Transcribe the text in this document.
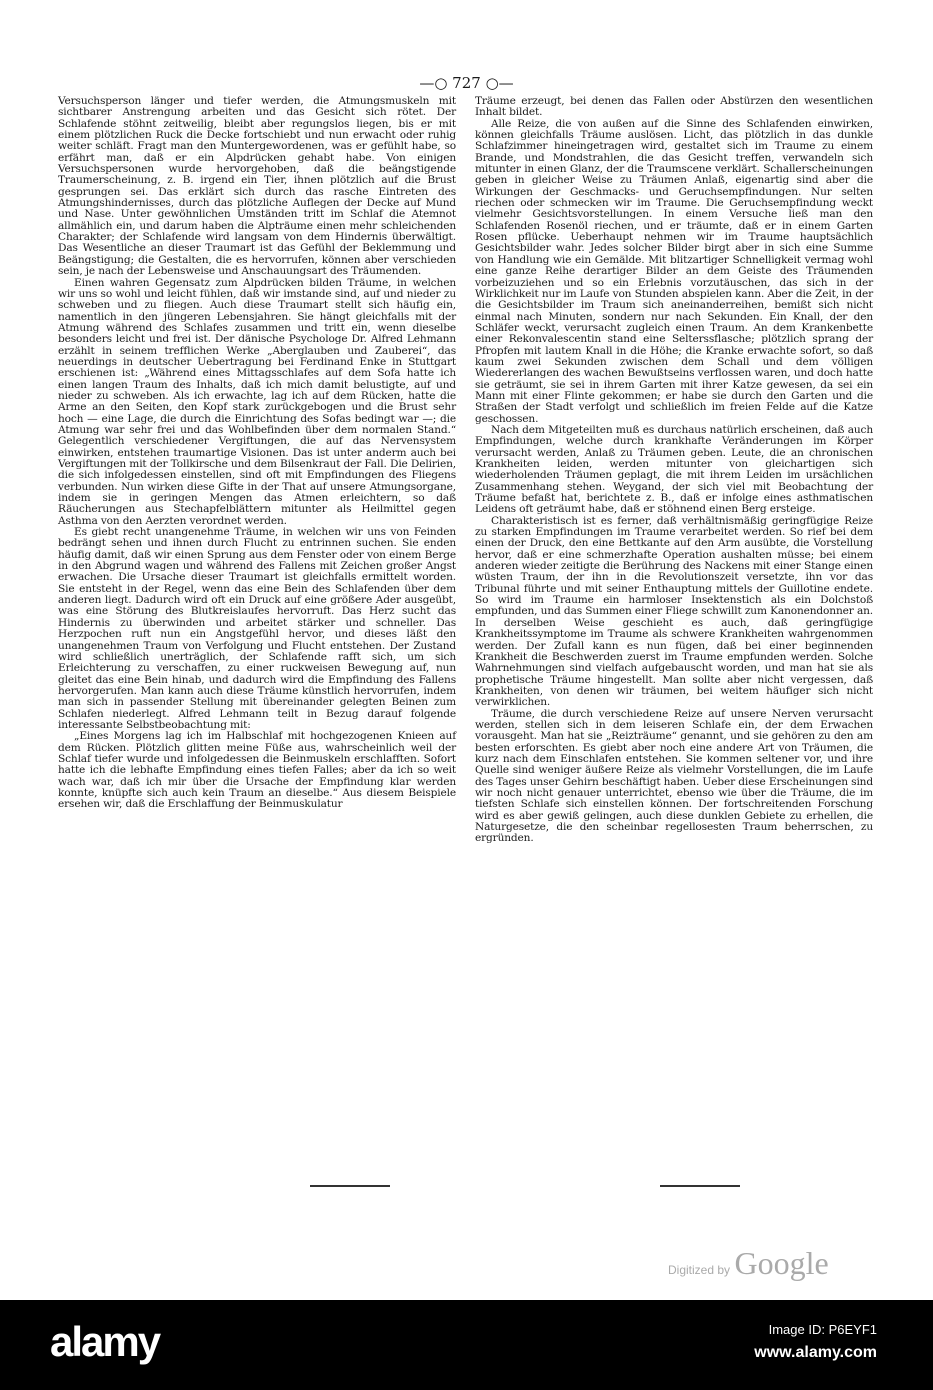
—○ 727 ○—

Versuchsperson länger und tiefer werden, die Atmungsmuskeln mit sichtbarer Anstrengung arbeiten und das Gesicht sich rötet. Der Schlafende stöhnt zeitweilig, bleibt aber regungslos liegen, bis er mit einem plötzlichen Ruck die Decke fortschiebt und nun erwacht oder ruhig weiter schläft. Fragt man den Muntergewordenen, was er gefühlt habe, so erfährt man, daß er ein Alpdrücken gehabt habe. Von einigen Versuchspersonen wurde hervorgehoben, daß die beängstigende Traumerscheinung, z. B. irgend ein Tier, ihnen plötzlich auf die Brust gesprungen sei. Das erklärt sich durch das rasche Eintreten des Atmungshindernisses, durch das plötzliche Auflegen der Decke auf Mund und Nase. Unter gewöhnlichen Umständen tritt im Schlaf die Atemnot allmählich ein, und darum haben die Alpträume einen mehr schleichenden Charakter; der Schlafende wird langsam von dem Hindernis überwältigt. Das Wesentliche an dieser Traumart ist das Gefühl der Beklemmung und Beängstigung; die Gestalten, die es hervorrufen, können aber verschieden sein, je nach der Lebensweise und Anschauungsart des Träumenden.

Einen wahren Gegensatz zum Alpdrücken bilden Träume, in welchen wir uns so wohl und leicht fühlen, daß wir imstande sind, auf und nieder zu schweben und zu fliegen. Auch diese Traumart stellt sich häufig ein, namentlich in den jüngeren Lebensjahren. Sie hängt gleichfalls mit der Atmung während des Schlafes zusammen und tritt ein, wenn dieselbe besonders leicht und frei ist. Der dänische Psychologe Dr. Alfred Lehmann erzählt in seinem trefflichen Werke „Aberglauben und Zauberei“, das neuerdings in deutscher Uebertragung bei Ferdinand Enke in Stuttgart erschienen ist: „Während eines Mittagsschlafes auf dem Sofa hatte ich einen langen Traum des Inhalts, daß ich mich damit belustigte, auf und nieder zu schweben. Als ich erwachte, lag ich auf dem Rücken, hatte die Arme an den Seiten, den Kopf stark zurückgebogen und die Brust sehr hoch — eine Lage, die durch die Einrichtung des Sofas bedingt war —; die Atmung war sehr frei und das Wohlbefinden über dem normalen Stand.“ Gelegentlich verschiedener Vergiftungen, die auf das Nervensystem einwirken, entstehen traumartige Visionen. Das ist unter anderm auch bei Vergiftungen mit der Tollkirsche und dem Bilsenkraut der Fall. Die Delirien, die sich infolgedessen einstellen, sind oft mit Empfindungen des Fliegens verbunden. Nun wirken diese Gifte in der That auf unsere Atmungsorgane, indem sie in geringen Mengen das Atmen erleichtern, so daß Räucherungen aus Stechapfelblättern mitunter als Heilmittel gegen Asthma von den Aerzten verordnet werden.

Es giebt recht unangenehme Träume, in welchen wir uns von Feinden bedrängt sehen und ihnen durch Flucht zu entrinnen suchen. Sie enden häufig damit, daß wir einen Sprung aus dem Fenster oder von einem Berge in den Abgrund wagen und während des Fallens mit Zeichen großer Angst erwachen. Die Ursache dieser Traumart ist gleichfalls ermittelt worden. Sie entsteht in der Regel, wenn das eine Bein des Schlafenden über dem anderen liegt. Dadurch wird oft ein Druck auf eine größere Ader ausgeübt, was eine Störung des Blutkreislaufes hervorruft. Das Herz sucht das Hindernis zu überwinden und arbeitet stärker und schneller. Das Herzpochen ruft nun ein Angstgefühl hervor, und dieses läßt den unangenehmen Traum von Verfolgung und Flucht entstehen. Der Zustand wird schließlich unerträglich, der Schlafende rafft sich, um sich Erleichterung zu verschaffen, zu einer ruckweisen Bewegung auf, nun gleitet das eine Bein hinab, und dadurch wird die Empfindung des Fallens hervorgerufen. Man kann auch diese Träume künstlich hervorrufen, indem man sich in passender Stellung mit übereinander gelegten Beinen zum Schlafen niederlegt. Alfred Lehmann teilt in Bezug darauf folgende interessante Selbstbeobachtung mit:

„Eines Morgens lag ich im Halbschlaf mit hochgezogenen Knieen auf dem Rücken. Plötzlich glitten meine Füße aus, wahrscheinlich weil der Schlaf tiefer wurde und infolgedessen die Beinmuskeln erschlafften. Sofort hatte ich die lebhafte Empfindung eines tiefen Falles; aber da ich so weit wach war, daß ich mir über die Ursache der Empfindung klar werden konnte, knüpfte sich auch kein Traum an dieselbe.“ Aus diesem Beispiele ersehen wir, daß die Erschlaffung der Beinmuskulatur

Träume erzeugt, bei denen das Fallen oder Abstürzen den wesentlichen Inhalt bildet.

Alle Reize, die von außen auf die Sinne des Schlafenden einwirken, können gleichfalls Träume auslösen. Licht, das plötzlich in das dunkle Schlafzimmer hineingetragen wird, gestaltet sich im Traume zu einem Brande, und Mondstrahlen, die das Gesicht treffen, verwandeln sich mitunter in einen Glanz, der die Traumscene verklärt. Schallerscheinungen geben in gleicher Weise zu Träumen Anlaß, eigenartig sind aber die Wirkungen der Geschmacks- und Geruchsempfindungen. Nur selten riechen oder schmecken wir im Traume. Die Geruchsempfindung weckt vielmehr Gesichtsvorstellungen. In einem Versuche ließ man den Schlafenden Rosenöl riechen, und er träumte, daß er in einem Garten Rosen pflücke. Ueberhaupt nehmen wir im Traume hauptsächlich Gesichtsbilder wahr. Jedes solcher Bilder birgt aber in sich eine Summe von Handlung wie ein Gemälde. Mit blitzartiger Schnelligkeit vermag wohl eine ganze Reihe derartiger Bilder an dem Geiste des Träumenden vorbeizuziehen und so ein Erlebnis vorzutäuschen, das sich in der Wirklichkeit nur im Laufe von Stunden abspielen kann. Aber die Zeit, in der die Gesichtsbilder im Traum sich aneinanderreihen, bemißt sich nicht einmal nach Minuten, sondern nur nach Sekunden. Ein Knall, der den Schläfer weckt, verursacht zugleich einen Traum. An dem Krankenbette einer Rekonvalescentin stand eine Selterssflasche; plötzlich sprang der Pfropfen mit lautem Knall in die Höhe; die Kranke erwachte sofort, so daß kaum zwei Sekunden zwischen dem Schall und dem völligen Wiedererlangen des wachen Bewußtseins verflossen waren, und doch hatte sie geträumt, sie sei in ihrem Garten mit ihrer Katze gewesen, da sei ein Mann mit einer Flinte gekommen; er habe sie durch den Garten und die Straßen der Stadt verfolgt und schließlich im freien Felde auf die Katze geschossen.

Nach dem Mitgeteilten muß es durchaus natürlich erscheinen, daß auch Empfindungen, welche durch krankhafte Veränderungen im Körper verursacht werden, Anlaß zu Träumen geben. Leute, die an chronischen Krankheiten leiden, werden mitunter von gleichartigen sich wiederholenden Träumen geplagt, die mit ihrem Leiden im ursächlichen Zusammenhang stehen. Weygand, der sich viel mit Beobachtung der Träume befaßt hat, berichtete z. B., daß er infolge eines asthmatischen Leidens oft geträumt habe, daß er stöhnend einen Berg ersteige.

Charakteristisch ist es ferner, daß verhältnismäßig geringfügige Reize zu starken Empfindungen im Traume verarbeitet werden. So rief bei dem einen der Druck, den eine Bettkante auf den Arm ausübte, die Vorstellung hervor, daß er eine schmerzhafte Operation aushalten müsse; bei einem anderen wieder zeitigte die Berührung des Nackens mit einer Stange einen wüsten Traum, der ihn in die Revolutionszeit versetzte, ihn vor das Tribunal führte und mit seiner Enthauptung mittels der Guillotine endete. So wird im Traume ein harmloser Insektenstich als ein Dolchstoß empfunden, und das Summen einer Fliege schwillt zum Kanonendonner an. In derselben Weise geschieht es auch, daß geringfügige Krankheitssymptome im Traume als schwere Krankheiten wahrgenommen werden. Der Zufall kann es nun fügen, daß bei einer beginnenden Krankheit die Beschwerden zuerst im Traume empfunden werden. Solche Wahrnehmungen sind vielfach aufgebauscht worden, und man hat sie als prophetische Träume hingestellt. Man sollte aber nicht vergessen, daß Krankheiten, von denen wir träumen, bei weitem häufiger sich nicht verwirklichen.

Träume, die durch verschiedene Reize auf unsere Nerven verursacht werden, stellen sich in dem leiseren Schlafe ein, der dem Erwachen vorausgeht. Man hat sie „Reizträume“ genannt, und sie gehören zu den am besten erforschten. Es giebt aber noch eine andere Art von Träumen, die kurz nach dem Einschlafen entstehen. Sie kommen seltener vor, und ihre Quelle sind weniger äußere Reize als vielmehr Vorstellungen, die im Laufe des Tages unser Gehirn beschäftigt haben. Ueber diese Erscheinungen sind wir noch nicht genauer unterrichtet, ebenso wie über die Träume, die im tiefsten Schlafe sich einstellen können. Der fortschreitenden Forschung wird es aber gewiß gelingen, auch diese dunklen Gebiete zu erhellen, die Naturgesetze, die den scheinbar regellosesten Traum beherrschen, zu ergründen.

Digitized by Google
alamy	Image ID: P6EYF1
www.alamy.com
